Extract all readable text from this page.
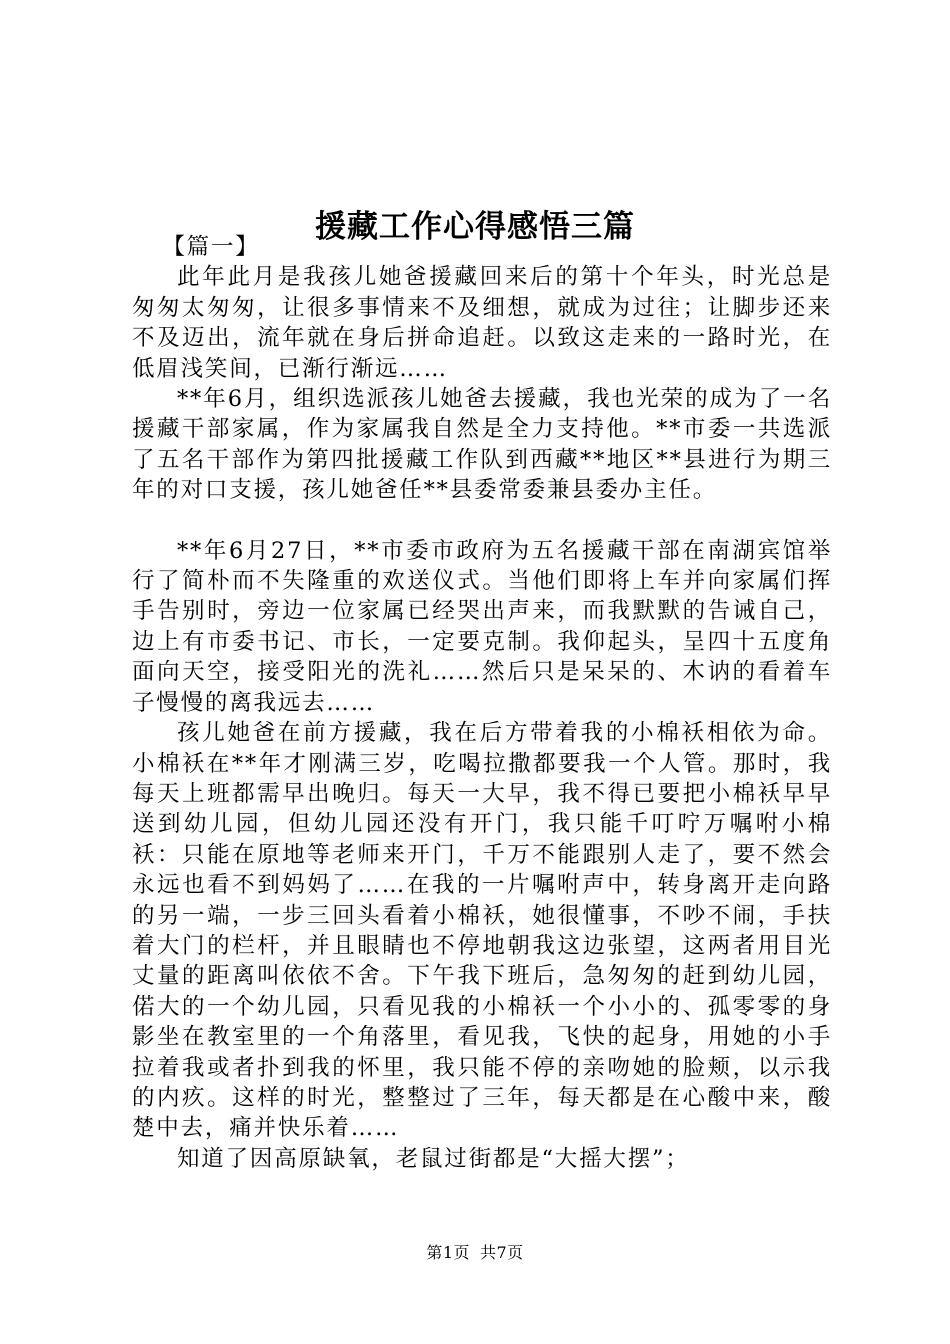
援藏工作心得感悟三篇

【篇一】

此年此月是我孩儿她爸援藏回来后的第十个年头，时光总是匆匆太匆匆，让很多事情来不及细想，就成为过往；让脚步还来不及迈出，流年就在身后拼命追赶。以致这走来的一路时光，在低眉浅笑间，已渐行渐远……

**年6月，组织选派孩儿她爸去援藏，我也光荣的成为了一名援藏干部家属，作为家属我自然是全力支持他。**市委一共选派了五名干部作为第四批援藏工作队到西藏**地区**县进行为期三年的对口支援，孩儿她爸任**县委常委兼县委办主任。

**年6月27日，**市委市政府为五名援藏干部在南湖宾馆举行了简朴而不失隆重的欢送仪式。当他们即将上车并向家属们挥手告别时，旁边一位家属已经哭出声来，而我默默的告诫自己，边上有市委书记、市长，一定要克制。我仰起头，呈四十五度角面向天空，接受阳光的洗礼……然后只是呆呆的、木讷的看着车子慢慢的离我远去……

孩儿她爸在前方援藏，我在后方带着我的小棉袄相依为命。小棉袄在**年才刚满三岁，吃喝拉撒都要我一个人管。那时，我每天上班都需早出晚归。每天一大早，我不得已要把小棉袄早早送到幼儿园，但幼儿园还没有开门，我只能千叮咛万嘱咐小棉袄：只能在原地等老师来开门，千万不能跟别人走了，要不然会永远也看不到妈妈了……在我的一片嘱咐声中，转身离开走向路的另一端，一步三回头看着小棉袄，她很懂事，不吵不闹，手扶着大门的栏杆，并且眼睛也不停地朝我这边张望，这两者用目光丈量的距离叫依依不舍。下午我下班后，急匆匆的赶到幼儿园，偌大的一个幼儿园，只看见我的小棉袄一个小小的、孤零零的身影坐在教室里的一个角落里，看见我，飞快的起身，用她的小手拉着我或者扑到我的怀里，我只能不停的亲吻她的脸颊，以示我的内疚。这样的时光，整整过了三年，每天都是在心酸中来，酸楚中去，痛并快乐着……

知道了因高原缺氧，老鼠过街都是“大摇大摆”；

第1页 共7页
